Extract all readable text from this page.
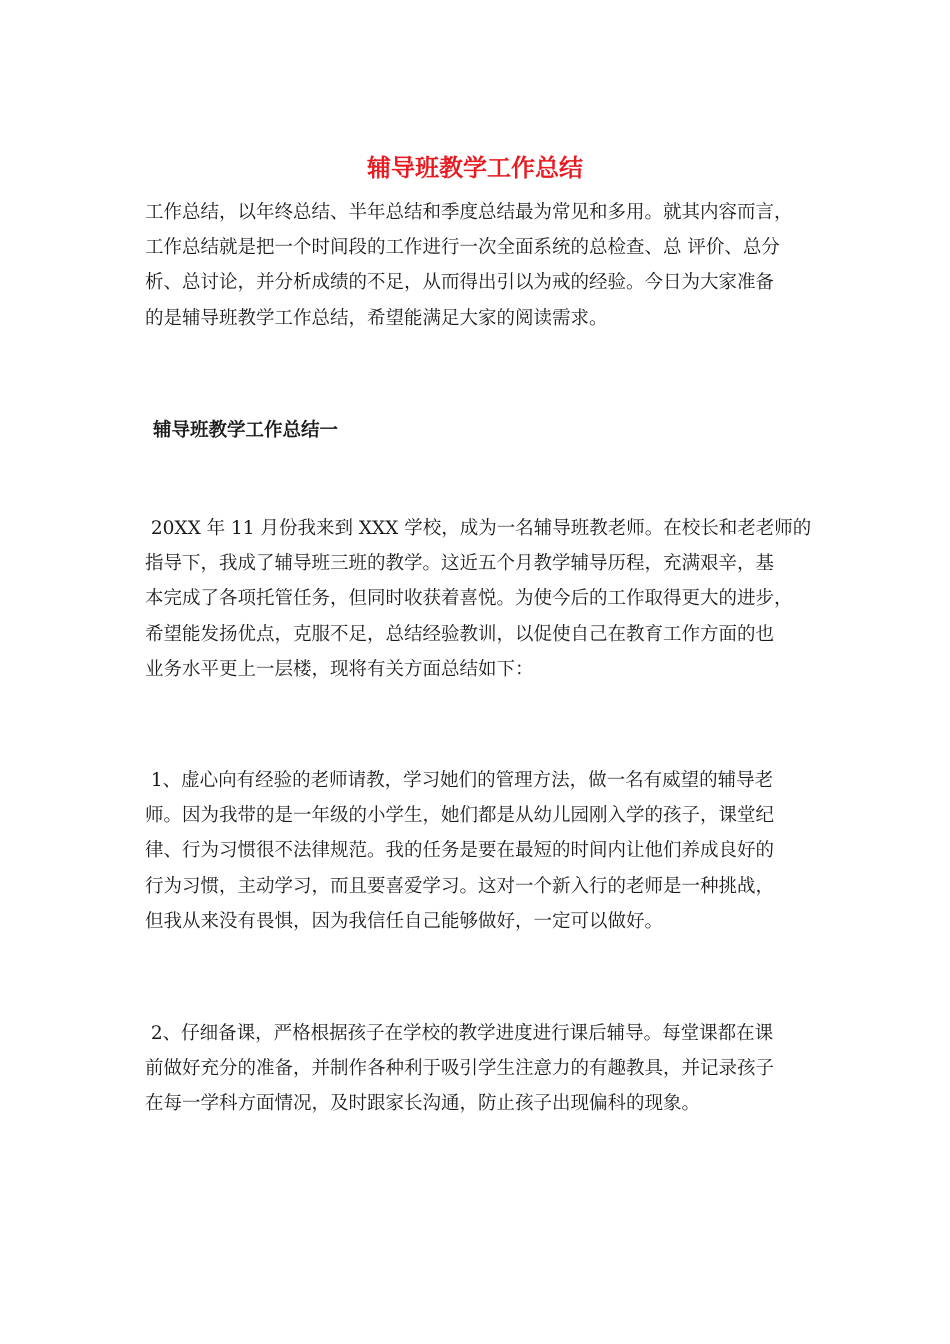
辅导班教学工作总结

工作总结，以年终总结、半年总结和季度总结最为常见和多用。就其内容而言，
工作总结就是把一个时间段的工作进行一次全面系统的总检查、总 评价、总分
析、总讨论，并分析成绩的不足，从而得出引以为戒的经验。今日为大家准备
的是辅导班教学工作总结，希望能满足大家的阅读需求。

辅导班教学工作总结一

20XX 年 11 月份我来到 XXX 学校，成为一名辅导班教老师。在校长和老老师的
指导下，我成了辅导班三班的教学。这近五个月教学辅导历程，充满艰辛，基
本完成了各项托管任务，但同时收获着喜悦。为使今后的工作取得更大的进步，
希望能发扬优点，克服不足，总结经验教训，以促使自己在教育工作方面的也
业务水平更上一层楼，现将有关方面总结如下：

1、虚心向有经验的老师请教，学习她们的管理方法，做一名有威望的辅导老
师。因为我带的是一年级的小学生，她们都是从幼儿园刚入学的孩子，课堂纪
律、行为习惯很不法律规范。我的任务是要在最短的时间内让他们养成良好的
行为习惯，主动学习，而且要喜爱学习。这对一个新入行的老师是一种挑战，
但我从来没有畏惧，因为我信任自己能够做好，一定可以做好。

2、仔细备课，严格根据孩子在学校的教学进度进行课后辅导。每堂课都在课
前做好充分的准备，并制作各种利于吸引学生注意力的有趣教具，并记录孩子
在每一学科方面情况，及时跟家长沟通，防止孩子出现偏科的现象。
